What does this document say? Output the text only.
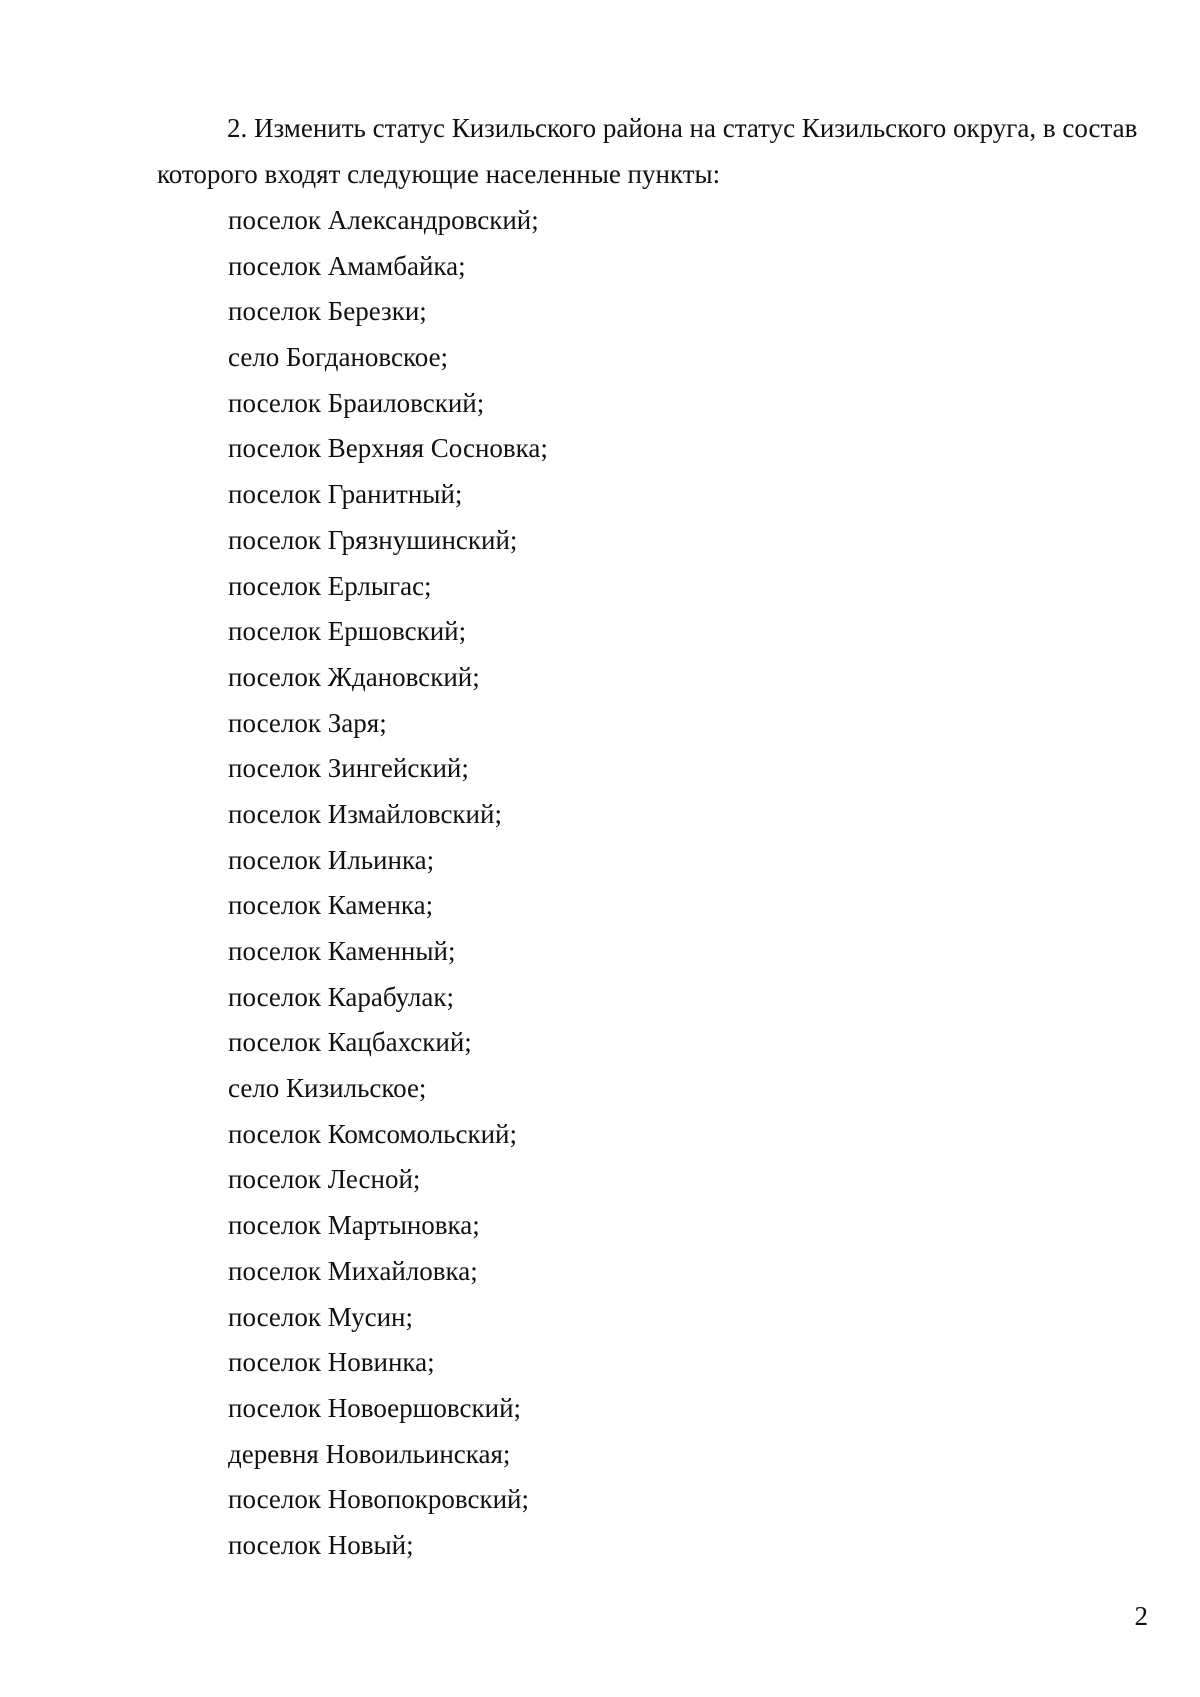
2. Изменить статус Кизильского района на статус Кизильского округа, в состав
которого входят следующие населенные пункты:
поселок Александровский;
поселок Амамбайка;
поселок Березки;
село Богдановское;
поселок Браиловский;
поселок Верхняя Сосновка;
поселок Гранитный;
поселок Грязнушинский;
поселок Ерлыгас;
поселок Ершовский;
поселок Ждановский;
поселок Заря;
поселок Зингейский;
поселок Измайловский;
поселок Ильинка;
поселок Каменка;
поселок Каменный;
поселок Карабулак;
поселок Кацбахский;
село Кизильское;
поселок Комсомольский;
поселок Лесной;
поселок Мартыновка;
поселок Михайловка;
поселок Мусин;
поселок Новинка;
поселок Новоершовский;
деревня Новоильинская;
поселок Новопокровский;
поселок Новый;
2
